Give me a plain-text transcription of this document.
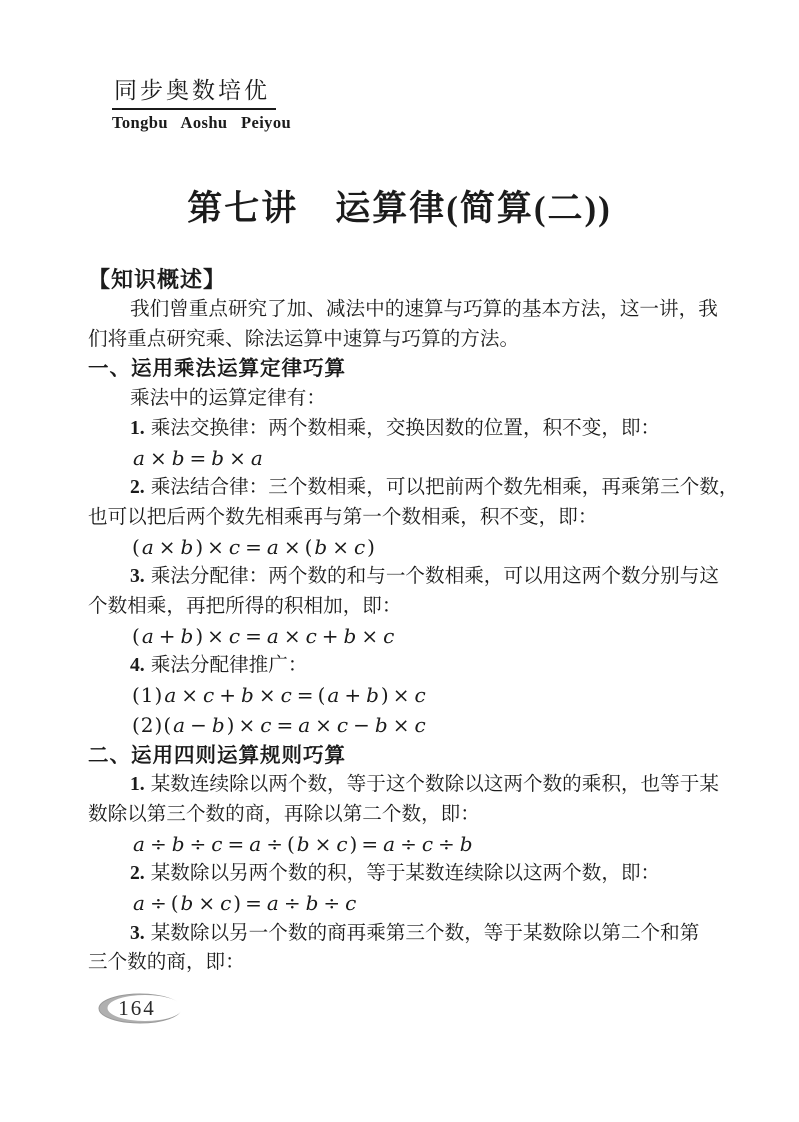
同步奥数培优
Tongbu Aoshu Peiyou
第七讲　运算律(简算(二))
【知识概述】
我们曾重点研究了加、减法中的速算与巧算的基本方法，这一讲，我
们将重点研究乘、除法运算中速算与巧算的方法。
一、运用乘法运算定律巧算
乘法中的运算定律有：
1. 乘法交换律：两个数相乘，交换因数的位置，积不变，即：
a × b = b × a
2. 乘法结合律：三个数相乘，可以把前两个数先相乘，再乘第三个数，
也可以把后两个数先相乘再与第一个数相乘，积不变，即：
(a × b) × c = a × (b × c)
3. 乘法分配律：两个数的和与一个数相乘，可以用这两个数分别与这
个数相乘，再把所得的积相加，即：
(a + b) × c = a × c + b × c
4. 乘法分配律推广：
(1)a × c + b × c = (a + b) × c
(2)(a − b) × c = a × c − b × c
二、运用四则运算规则巧算
1. 某数连续除以两个数，等于这个数除以这两个数的乘积，也等于某
数除以第三个数的商，再除以第二个数，即：
a ÷ b ÷ c = a ÷ (b × c) = a ÷ c ÷ b
2. 某数除以另两个数的积，等于某数连续除以这两个数，即：
a ÷ (b × c) = a ÷ b ÷ c
3. 某数除以另一个数的商再乘第三个数，等于某数除以第二个和第
三个数的商，即：
164
